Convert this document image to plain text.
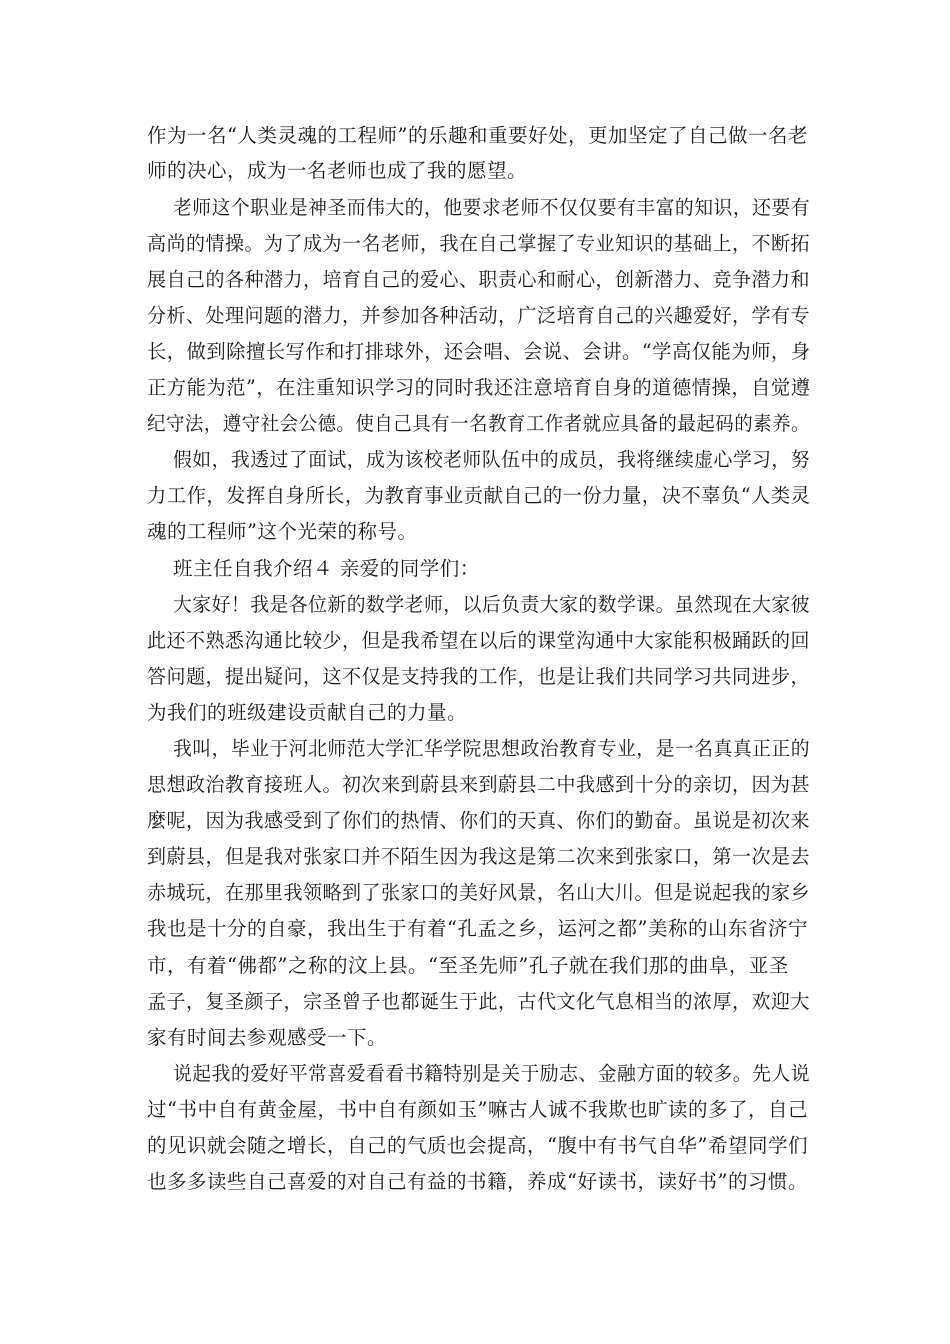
作为一名“人类灵魂的工程师”的乐趣和重要好处，更加坚定了自己做一名老
师的决心，成为一名老师也成了我的愿望。
老师这个职业是神圣而伟大的，他要求老师不仅仅要有丰富的知识，还要有
高尚的情操。为了成为一名老师，我在自己掌握了专业知识的基础上，不断拓
展自己的各种潜力，培育自己的爱心、职责心和耐心，创新潜力、竞争潜力和
分析、处理问题的潜力，并参加各种活动，广泛培育自己的兴趣爱好，学有专
长，做到除擅长写作和打排球外，还会唱、会说、会讲。“学高仅能为师，身
正方能为范”，在注重知识学习的同时我还注意培育自身的道德情操，自觉遵
纪守法，遵守社会公德。使自己具有一名教育工作者就应具备的最起码的素养。
假如，我透过了面试，成为该校老师队伍中的成员，我将继续虚心学习，努
力工作，发挥自身所长，为教育事业贡献自己的一份力量，决不辜负“人类灵
魂的工程师”这个光荣的称号。
班主任自我介绍４ 亲爱的同学们：
大家好！我是各位新的数学老师，以后负责大家的数学课。虽然现在大家彼
此还不熟悉沟通比较少，但是我希望在以后的课堂沟通中大家能积极踊跃的回
答问题，提出疑问，这不仅是支持我的工作，也是让我们共同学习共同进步，
为我们的班级建设贡献自己的力量。
我叫，毕业于河北师范大学汇华学院思想政治教育专业，是一名真真正正的
思想政治教育接班人。初次来到蔚县来到蔚县二中我感到十分的亲切，因为甚
麼呢，因为我感受到了你们的热情、你们的天真、你们的勤奋。虽说是初次来
到蔚县，但是我对张家口并不陌生因为我这是第二次来到张家口，第一次是去
赤城玩，在那里我领略到了张家口的美好风景，名山大川。但是说起我的家乡
我也是十分的自豪，我出生于有着“孔孟之乡，运河之都”美称的山东省济宁
市，有着“佛都”之称的汶上县。“至圣先师”孔子就在我们那的曲阜，亚圣
孟子，复圣颜子，宗圣曾子也都诞生于此，古代文化气息相当的浓厚，欢迎大
家有时间去参观感受一下。
说起我的爱好平常喜爱看看书籍特别是关于励志、金融方面的较多。先人说
过“书中自有黄金屋，书中自有颜如玉”嘛古人诚不我欺也旷读的多了，自己
的见识就会随之增长，自己的气质也会提高，“腹中有书气自华”希望同学们
也多多读些自己喜爱的对自己有益的书籍，养成“好读书，读好书”的习惯。
